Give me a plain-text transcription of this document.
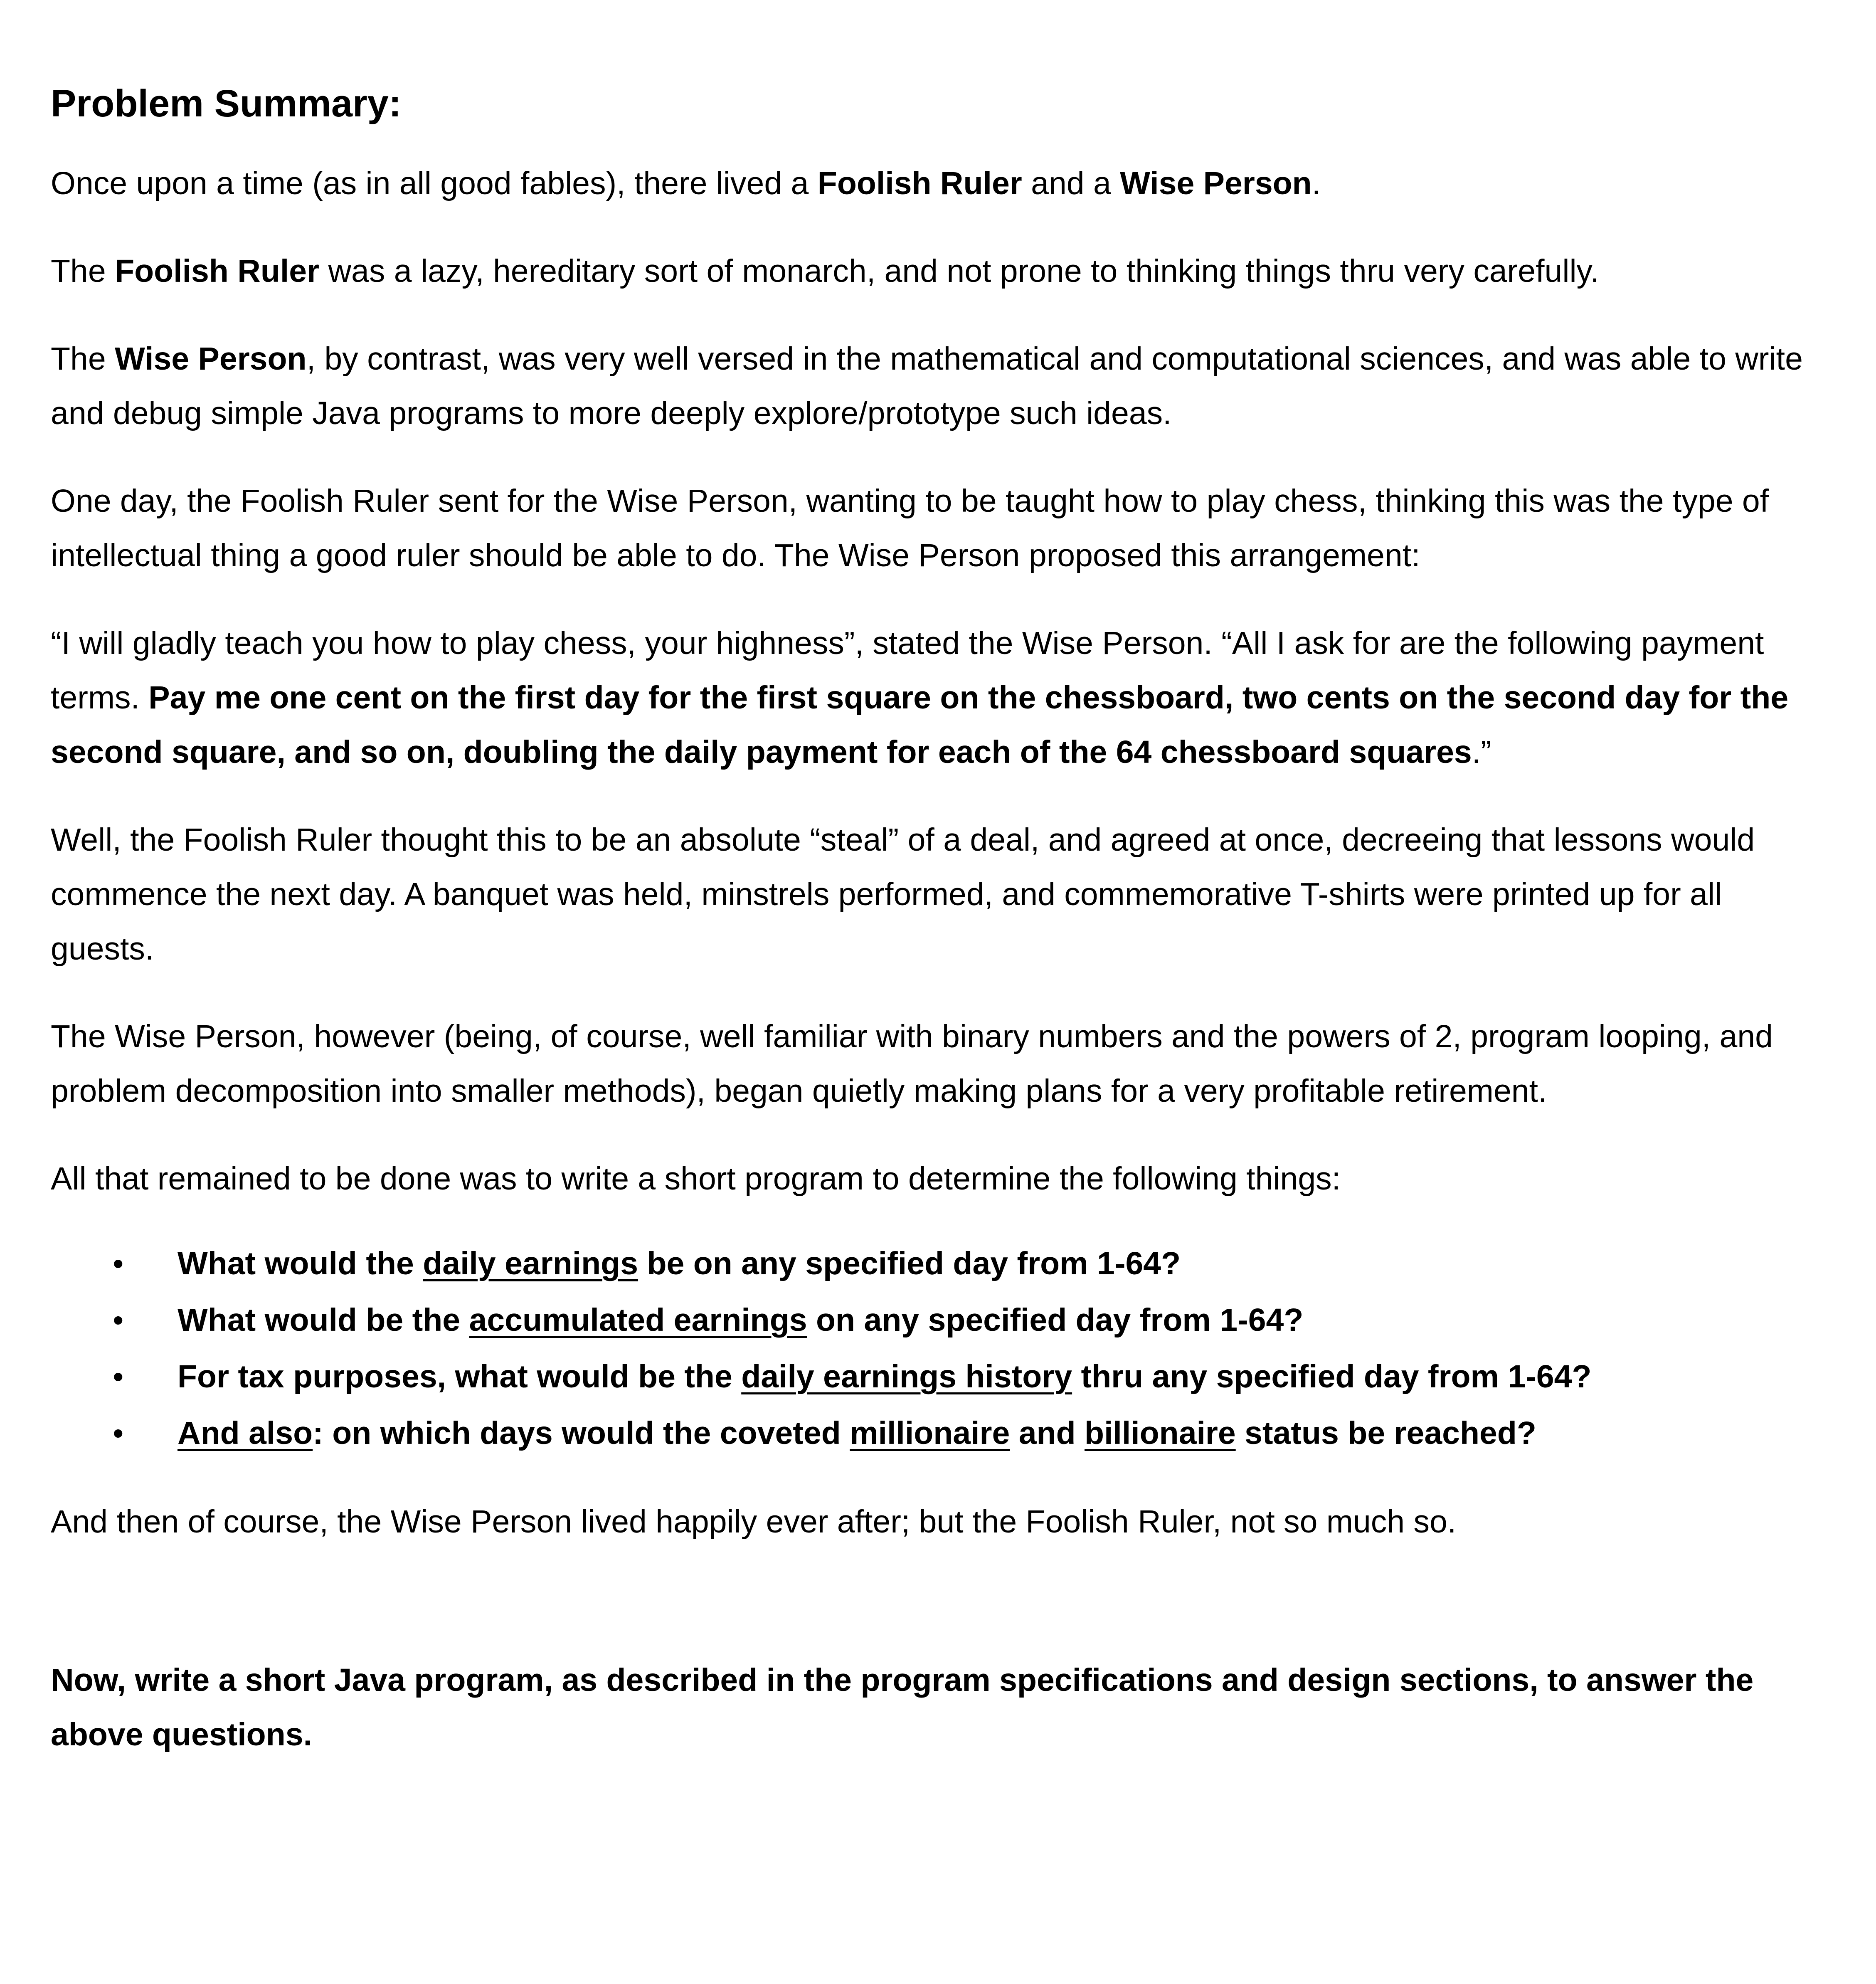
Problem Summary:

Once upon a time (as in all good fables), there lived a Foolish Ruler and a Wise Person.

The Foolish Ruler was a lazy, hereditary sort of monarch, and not prone to thinking things thru very carefully.

The Wise Person, by contrast, was very well versed in the mathematical and computational sciences, and was able to write and debug simple Java programs to more deeply explore/prototype such ideas.

One day, the Foolish Ruler sent for the Wise Person, wanting to be taught how to play chess, thinking this was the type of intellectual thing a good ruler should be able to do. The Wise Person proposed this arrangement:

“I will gladly teach you how to play chess, your highness”, stated the Wise Person. “All I ask for are the following payment terms. Pay me one cent on the first day for the first square on the chessboard, two cents on the second day for the second square, and so on, doubling the daily payment for each of the 64 chessboard squares.”

Well, the Foolish Ruler thought this to be an absolute “steal” of a deal, and agreed at once, decreeing that lessons would commence the next day. A banquet was held, minstrels performed, and commemorative T-shirts were printed up for all guests.

The Wise Person, however (being, of course, well familiar with binary numbers and the powers of 2, program looping, and problem decomposition into smaller methods), began quietly making plans for a very profitable retirement.

All that remained to be done was to write a short program to determine the following things:

• What would the daily earnings be on any specified day from 1-64?
• What would be the accumulated earnings on any specified day from 1-64?
• For tax purposes, what would be the daily earnings history thru any specified day from 1-64?
• And also: on which days would the coveted millionaire and billionaire status be reached?

And then of course, the Wise Person lived happily ever after; but the Foolish Ruler, not so much so.

Now, write a short Java program, as described in the program specifications and design sections, to answer the above questions.
